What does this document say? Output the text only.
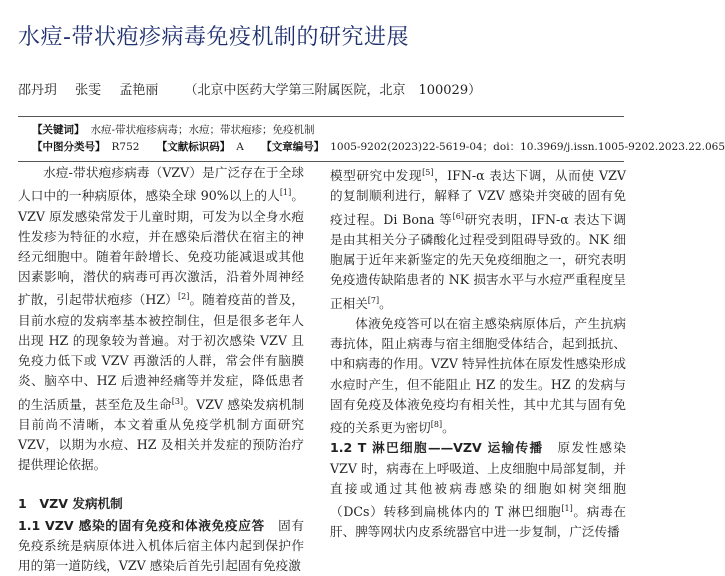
水痘-带状疱疹病毒免疫机制的研究进展
邵丹玥 张雯 孟艳丽 （北京中医药大学第三附属医院，北京　100029）
【关键词】 水痘-带状疱疹病毒；水痘；带状疱疹；免疫机制
【中图分类号】 R752 【文献标识码】 A 【文章编号】 1005-9202(2023)22-5619-04；doi：10.3969/j.issn.1005-9202.2023.22.065

水痘-带状疱疹病毒（VZV）是广泛存在于全球人口中的一种病原体，感染全球 90%以上的人[1]。VZV 原发感染常发于儿童时期，可发为以全身水疱性发疹为特征的水痘，并在感染后潜伏在宿主的神经元细胞中。随着年龄增长、免疫功能减退或其他因素影响，潜伏的病毒可再次激活，沿着外周神经扩散，引起带状疱疹（HZ）[2]。随着疫苗的普及，目前水痘的发病率基本被控制住，但是很多老年人出现 HZ 的现象较为普遍。对于初次感染 VZV 且免疫力低下或 VZV 再激活的人群，常会伴有脑膜炎、脑卒中、HZ 后遗神经痛等并发症，降低患者的生活质量，甚至危及生命[3]。VZV 感染发病机制目前尚不清晰，本文着重从免疫学机制方面研究 VZV，以期为水痘、HZ 及相关并发症的预防治疗提供理论依据。

1　VZV 发病机制

1.1 VZV 感染的固有免疫和体液免疫应答　固有免疫系统是病原体进入机体后宿主体内起到保护作用的第一道防线，VZV 感染后首先引起固有免疫激

模型研究中发现[5]，IFN-α 表达下调，从而使 VZV 的复制顺利进行，解释了 VZV 感染并突破的固有免疫过程。Di Bona 等[6]研究表明，IFN-α 表达下调是由其相关分子磷酸化过程受到阻碍导致的。NK 细胞属于近年来新鉴定的先天免疫细胞之一，研究表明免疫遗传缺陷患者的 NK 损害水平与水痘严重程度呈正相关[7]。

体液免疫答可以在宿主感染病原体后，产生抗病毒抗体，阻止病毒与宿主细胞受体结合，起到抵抗、中和病毒的作用。VZV 特异性抗体在原发性感染形成水痘时产生，但不能阻止 HZ 的发生。HZ 的发病与固有免疫及体液免疫均有相关性，其中尤其与固有免疫的关系更为密切[8]。

1.2 T 淋巴细胞——VZV 运输传播　原发性感染 VZV 时，病毒在上呼吸道、上皮细胞中局部复制，并直接或通过其他被病毒感染的细胞如树突细胞（DCs）转移到扁桃体内的 T 淋巴细胞[1]。病毒在肝、脾等网状内皮系统器官中进一步复制，广泛传播
